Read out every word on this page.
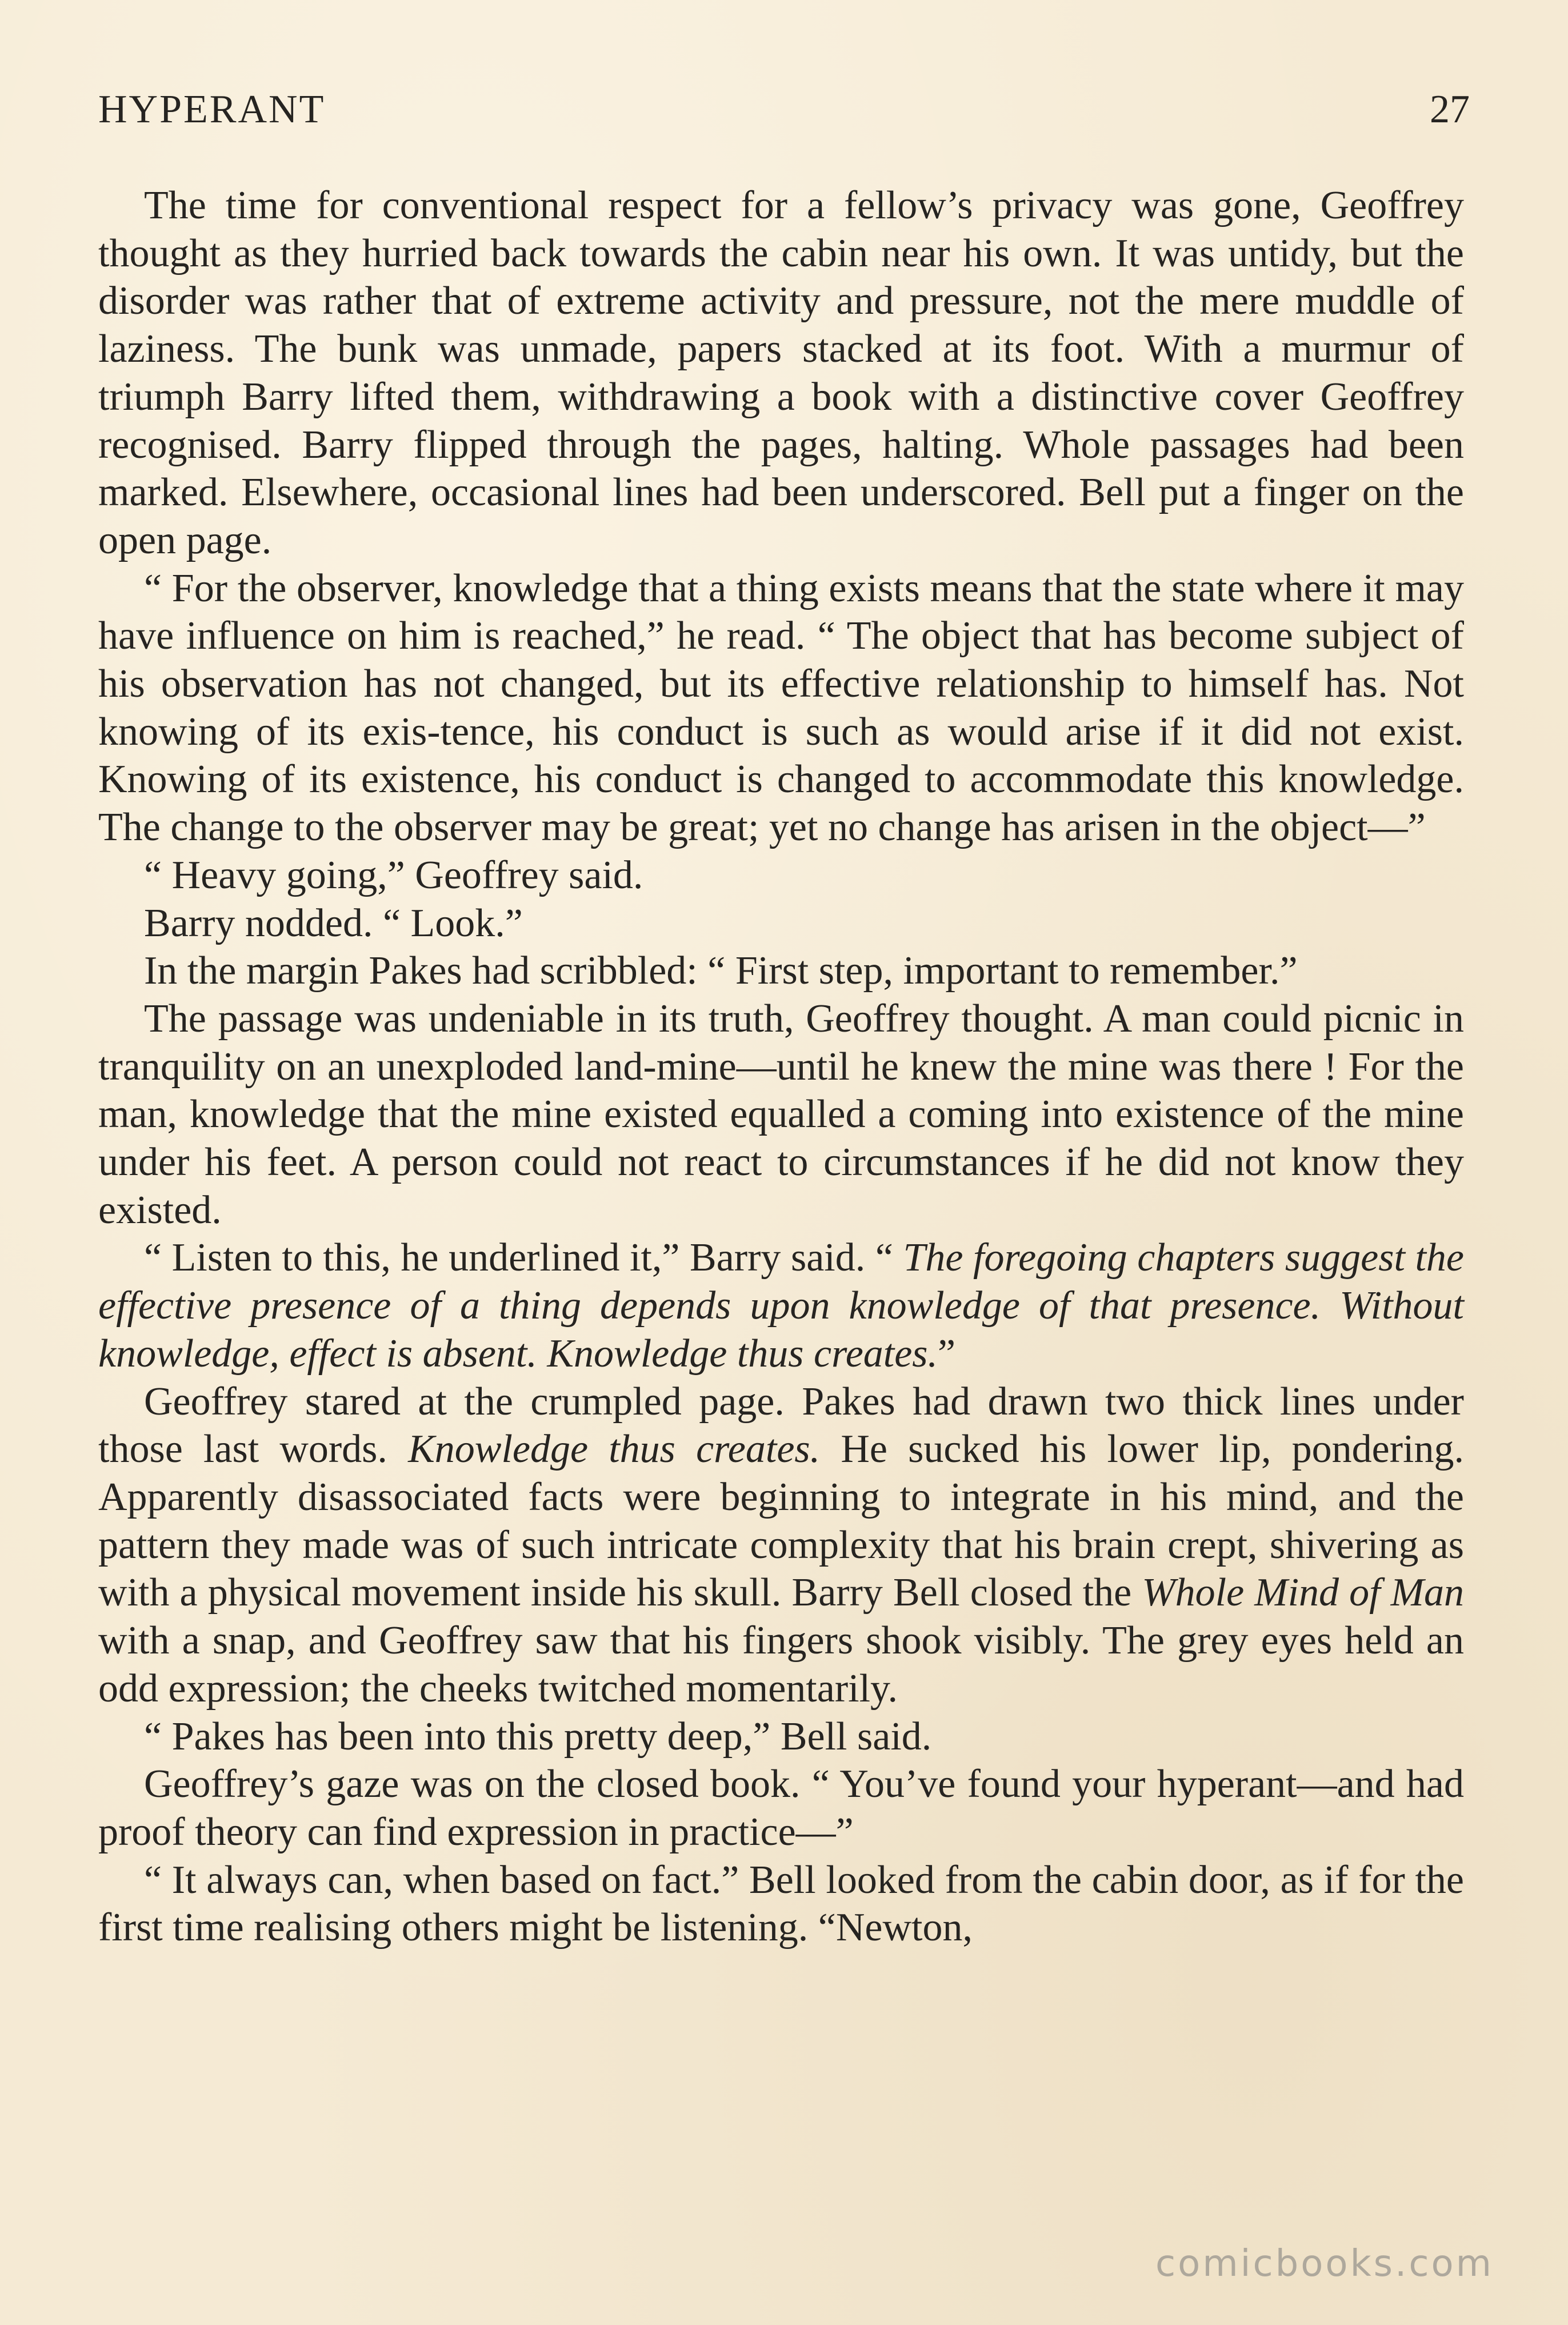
HYPERANT	27

The time for conventional respect for a fellow’s privacy was gone, Geoffrey thought as they hurried back towards the cabin near his own. It was untidy, but the disorder was rather that of extreme activity and pressure, not the mere muddle of laziness. The bunk was unmade, papers stacked at its foot. With a murmur of triumph Barry lifted them, withdrawing a book with a distinctive cover Geoffrey recognised. Barry flipped through the pages, halting. Whole passages had been marked. Elsewhere, occasional lines had been underscored. Bell put a finger on the open page.

“ For the observer, knowledge that a thing exists means that the state where it may have influence on him is reached,” he read. “ The object that has become subject of his observation has not changed, but its effective relationship to himself has. Not knowing of its exis-tence, his conduct is such as would arise if it did not exist. Knowing of its existence, his conduct is changed to accommodate this knowledge. The change to the observer may be great; yet no change has arisen in the object—”

“ Heavy going,” Geoffrey said.

Barry nodded. “ Look.”

In the margin Pakes had scribbled: “ First step, important to remember.”

The passage was undeniable in its truth, Geoffrey thought. A man could picnic in tranquility on an unexploded land-mine—until he knew the mine was there ! For the man, knowledge that the mine existed equalled a coming into existence of the mine under his feet. A person could not react to circumstances if he did not know they existed.

“ Listen to this, he underlined it,” Barry said. “ The foregoing chapters suggest the effective presence of a thing depends upon knowledge of that presence. Without knowledge, effect is absent. Knowledge thus creates.”

Geoffrey stared at the crumpled page. Pakes had drawn two thick lines under those last words. Knowledge thus creates. He sucked his lower lip, pondering. Apparently disassociated facts were beginning to integrate in his mind, and the pattern they made was of such intricate complexity that his brain crept, shivering as with a physical movement inside his skull. Barry Bell closed the Whole Mind of Man with a snap, and Geoffrey saw that his fingers shook visibly. The grey eyes held an odd expression; the cheeks twitched momentarily.

“ Pakes has been into this pretty deep,” Bell said.

Geoffrey’s gaze was on the closed book. “ You’ve found your hyperant—and had proof theory can find expression in practice—”

“ It always can, when based on fact.” Bell looked from the cabin door, as if for the first time realising others might be listening. “Newton,

comicbooks.com
